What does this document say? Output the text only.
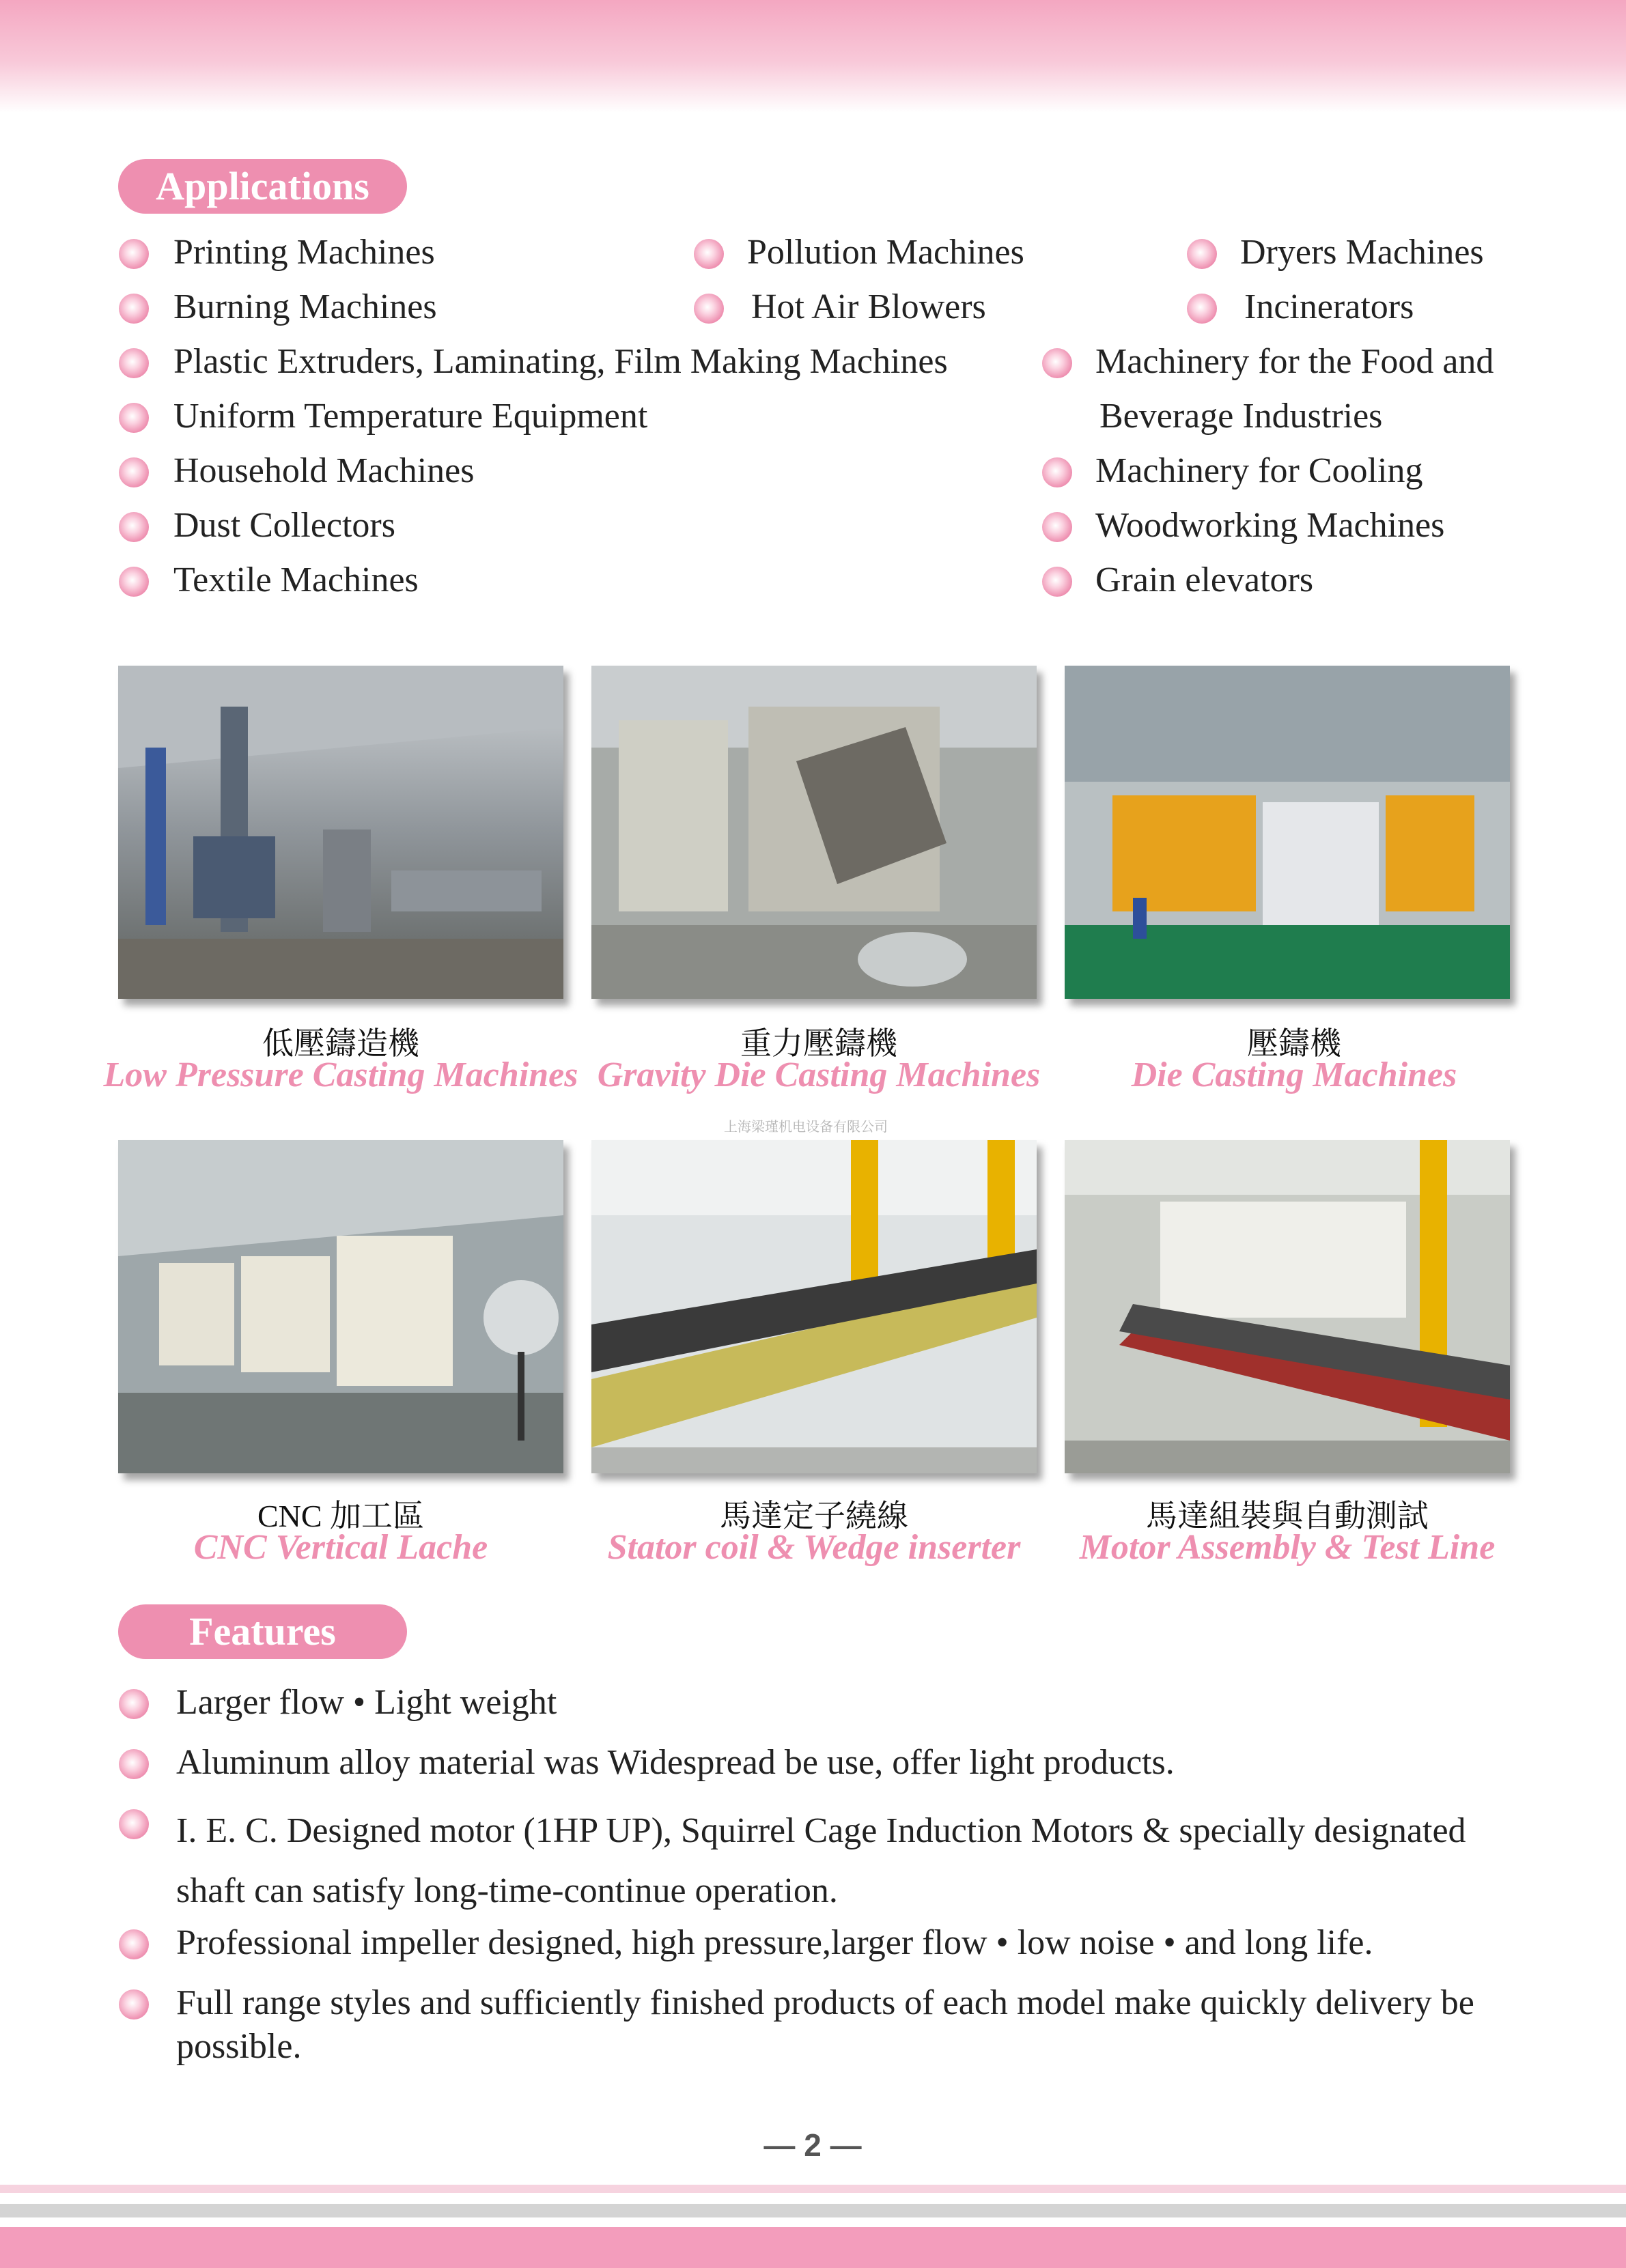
Applications
Printing Machines	Pollution Machines	Dryers Machines
Burning Machines	Hot Air Blowers	Incinerators
Plastic Extruders, Laminating, Film Making Machines	Machinery for the Food and
Beverage Industries
Uniform Temperature Equipment
Household Machines	Machinery for Cooling
Dust Collectors	Woodworking Machines
Textile Machines	Grain elevators
低壓鑄造機
Low Pressure Casting Machines
重力壓鑄機
Gravity Die Casting Machines
壓鑄機
Die Casting Machines
上海梁瑾机电设备有限公司
CNC 加工區
CNC Vertical Lache
馬達定子繞線
Stator coil & Wedge inserter
馬達組裝與自動測試
Motor Assembly & Test Line
Features
Larger flow • Light weight
Aluminum alloy material was Widespread be use, offer light products.
I. E. C. Designed motor (1HP UP), Squirrel Cage Induction Motors & specially designated shaft can satisfy long-time-continue operation.
Professional impeller designed, high pressure,larger flow • low noise • and long life.
Full range styles and sufficiently finished products of each model make quickly delivery be possible.
— 2 —
